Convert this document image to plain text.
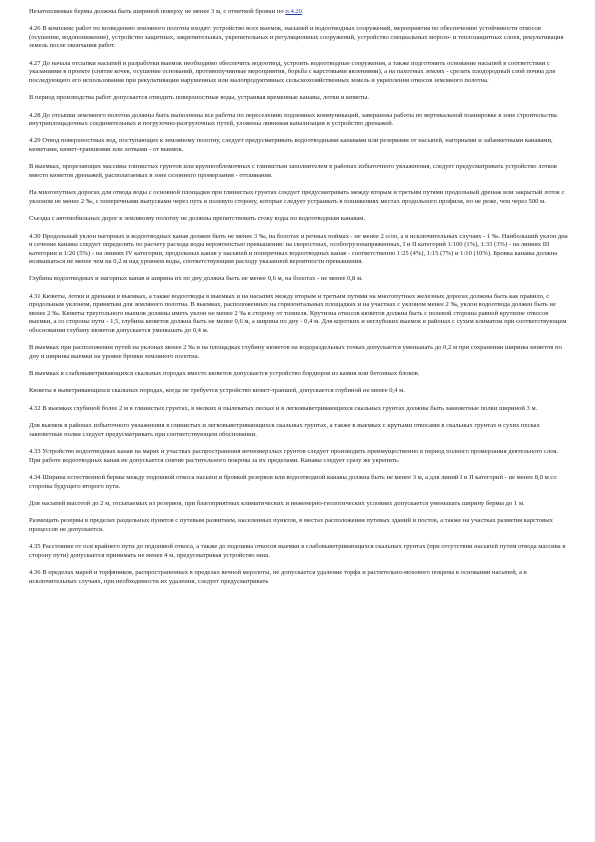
Незатопляемые бермы должны быть шириной поверху не менее 3 м, с отметкой бровки по п.4.20.

4.26 В комплекс работ по возведению земляного полотна входят: устройство всех выемок, насыпей и водоотводных сооружений, мероприятия по обеспечению устойчивости откосов (осушение, водопонижение), устройство защитных, закрепительных, укрепительных и регуляционных сооружений, устройство специальных морозо- и теплозащитных слоев, рекультивация земель после окончания работ.

4.27 До начала отсыпки насыпей и разработки выемок необходимо обеспечить водоотвод, устроить водоотводные сооружения, а также подготовить основание насыпей в соответствии с указаниями в проекте (снятие кочек, осушение оснований, противопучинные мероприятия, борьба с карстовыми явлениями), а на пахотных землях - срезать плодородный слой почвы для последующего его использования при рекультивации нарушенных или малопродуктивных сельскохозяйственных земель и укрепления откосов земляного полотна.

В период производства работ допускается отводить поверхностные воды, устраивая временные канавы, лотки и кюветы.

4.28 До отсыпки земляного полотна должны быть выполнены все работы по переселению подземных коммуникаций, завершены работы по вертикальной планировке в зоне строительства внутриплощадочных соединительных и погрузочно-разгрузочных путей, уложены ливневая канализация и устройство дренажей.

4.29 Отвод поверхностных вод, поступающих к земляному полотну, следует предусматривать водоотводными канавами или резервами от насыпей, нагорными и забанкетными канавами, кюветами, кювет-траншеями или лотками - от выемок.

В выемках, прорезающих массивы глинистых грунтов или крупнообломочных с глинистым заполнителем в районах избыточного увлажнения, следует предусматривать устройство лотков вместо кюветов дренажей, располагаемых в зоне сезонного промерзания - оттаивания.

На многопутных дорогах для отвода воды с основной площадки при глинистых грунтах следует предусматривать между вторым и третьим путями продольный дренаж или закрытый лоток с уклоном не менее 2 ‰, с поперечными выпусками через путь в полевую сторону, которые следует устраивать в понижениях местах продольного профиля, но не реже, чем через 500 м.

Съезды с автомобильных дорог к земляному полотну не должны препятствовать стоку воды по водоотводным канавам.

4.30 Продольный уклон нагорных и водоотводных канав должен быть не менее 3 ‰, на болотах и речных поймах - не менее 2 о/оо, а в исключительных случаях - 1 ‰. Наибольший уклон дна и сечение канавы следует определять по расчету расхода воды вероятностью превышения: на скоростных, особогрузонапряженных, I и II категорий 1:100 (1%), 1:33 (3%) - на линиях III категории и 1:20 (5%) - на линиях IV категории, продольных канав у насыпей и поперечных водоотводных канав - соответственно 1:25 (4%), 1:15 (7%) и 1:10 (10%). Бровка канавы должна возвышаться не менее чем на 0,2 м над уровнем воды, соответствующим расходу указанной вероятности превышения.

Глубина водоотводных и нагорных канав и ширина их по дну должна быть не менее 0,6 м, на болотах - не менее 0,8 м.

4.31 Кюветы, лотки и дренажи в выемках, а также водоотводы в выемках и на насыпях между вторым и третьим путями на многопутных железных дорогах должны быть как правило, с продольным уклоном, принятым для земляного полотна. В выемках, расположенных на горизонтальных площадках и на участках с уклоном менее 2 ‰, уклон водоотвода должен быть не менее 2 ‰. Кюветы треугольного выемок должны иметь уклон не менее 2 ‰ в сторону от тоннеля. Крутизна откосов кюветов должна быть с полевой стороны равной крутизне откосов выемки, а со стороны пути - 1,5, глубина кюветов должна быть не менее 0,6 м, а ширина по дну - 0,4 м. Для коротких и неглубоких выемок в районах с сухим климатом при соответствующем обосновании глубину кюветов допускается уменьшать до 0,4 м.

В выемках при расположении путей на уклонах менее 2 ‰ и на площадках глубину кюветов на водораздельных точках допускается уменьшать до 0,2 м при сохранении ширины кюветов по дну и ширины выемки на уровне бровки земляного полотна.

В выемках в слабовыветривающихся скальных породах вместо кюветов допускается устройство бордюров из камня или бетонных блоков.

Кюветы в выветривающихся скальных породах, когда не требуется устройство кювет-траншей, допускается глубиной не менее 0,4 м.

4.32 В выемках глубиной более 2 м в глинистых грунтах, в мелких и пылеватых песках и в легковыветривающихся скальных грунтах должны быть закюветные полки шириной 3 м.

Для выемок в районах избыточного увлажнения в глинистых и легковыветривающихся скальных грунтах, а также в выемках с крутыми откосами в скальных грунтах и сухих песках закюветные полки следует предусматривать при соответствующем обосновании.

4.33 Устройство водоотводных канав на марях и участках распространения вечномерзлых грунтов следует производить преимущественно в период полного промерзания деятельного слоя. При работе водоотводных канав не допускается снятие растительного покрова за их пределами. Канавы следует сразу же укрепить.

4.34 Ширина естественной бермы между подошвой откоса насыпи и бровкой резервов или водоотводной канавы должна быть не менее 3 м, а для линий I и II категорий - не менее 8,0 м со стороны будущего второго пути.

Для насыпей высотой до 2 м, отсыпаемых из резервов, при благоприятных климатических и инженерно-геологических условиях допускается уменьшать ширину бермы до 1 м.

Размещать резервы в пределах раздельных пунктов с путевым развитием, населенных пунктов, в местах расположения путевых зданий и постов, а также на участках развития карстовых процессов не допускается.

4.35 Расстояние от оси крайнего пути до подошвой откоса, а также до подошвы откосов выемки в слабовыветривающихся скальных грунтах (при отсутствии насыпей путем отвода массива в сторону пути) допускается принимать не менее 4 м, предусматривая устройство ниш.

4.36 В пределах марей и торфяников, распространенных в пределах вечной мерзлоты, не допускается удаление торфа и растительно-мохового покрова в основании насыпей, а в исключительных случаях, при необходимости их удаления, следует предусматривать
